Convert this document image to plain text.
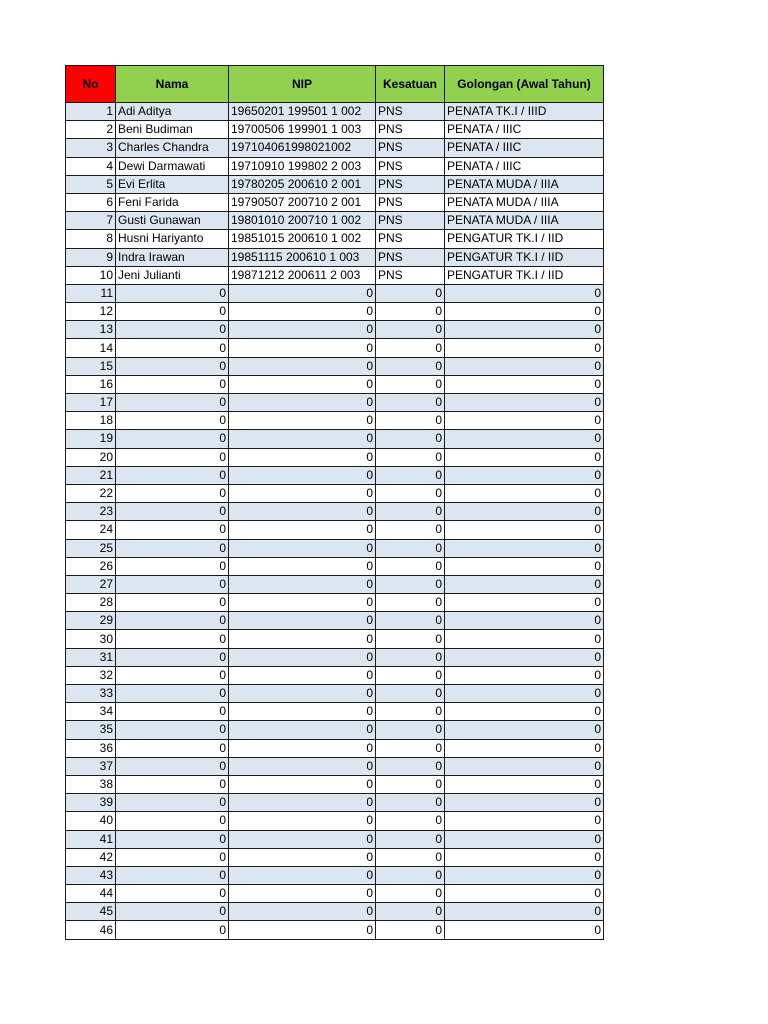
No	Nama	NIP	Kesatuan	Golongan (Awal Tahun)
1	Adi Aditya	19650201 199501 1 002	PNS	PENATA TK.I / IIID
2	Beni Budiman	19700506 199901 1 003	PNS	PENATA / IIIC
3	Charles Chandra	197104061998021002	PNS	PENATA / IIIC
4	Dewi Darmawati	19710910 199802 2 003	PNS	PENATA / IIIC
5	Evi Erlita	19780205 200610 2 001	PNS	PENATA MUDA / IIIA
6	Feni Farida	19790507 200710 2 001	PNS	PENATA MUDA / IIIA
7	Gusti Gunawan	19801010 200710 1 002	PNS	PENATA MUDA / IIIA
8	Husni Hariyanto	19851015 200610 1 002	PNS	PENGATUR TK.I / IID
9	Indra Irawan	19851115 200610 1 003	PNS	PENGATUR TK.I / IID
10	Jeni Julianti	19871212 200611 2 003	PNS	PENGATUR TK.I / IID
11	0	0	0	0
12	0	0	0	0
13	0	0	0	0
14	0	0	0	0
15	0	0	0	0
16	0	0	0	0
17	0	0	0	0
18	0	0	0	0
19	0	0	0	0
20	0	0	0	0
21	0	0	0	0
22	0	0	0	0
23	0	0	0	0
24	0	0	0	0
25	0	0	0	0
26	0	0	0	0
27	0	0	0	0
28	0	0	0	0
29	0	0	0	0
30	0	0	0	0
31	0	0	0	0
32	0	0	0	0
33	0	0	0	0
34	0	0	0	0
35	0	0	0	0
36	0	0	0	0
37	0	0	0	0
38	0	0	0	0
39	0	0	0	0
40	0	0	0	0
41	0	0	0	0
42	0	0	0	0
43	0	0	0	0
44	0	0	0	0
45	0	0	0	0
46	0	0	0	0
